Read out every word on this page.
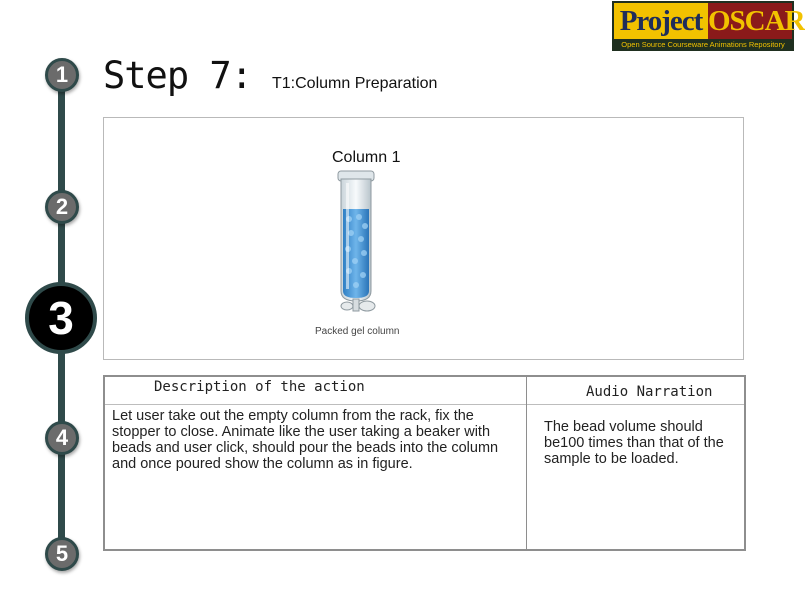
1
2
3
4
5
Step 7: T1:Column Preparation
Project OSCAR
Open Source Courseware Animations Repository
Column 1
Packed gel column
Description of the action	Audio Narration
Let user take out the empty column from the rack, fix the stopper to close. Animate like the user taking a beaker with beads and user click, should pour the beads into the column and once poured show the column as in figure.
The bead volume should be100 times than that of the sample to be loaded.
